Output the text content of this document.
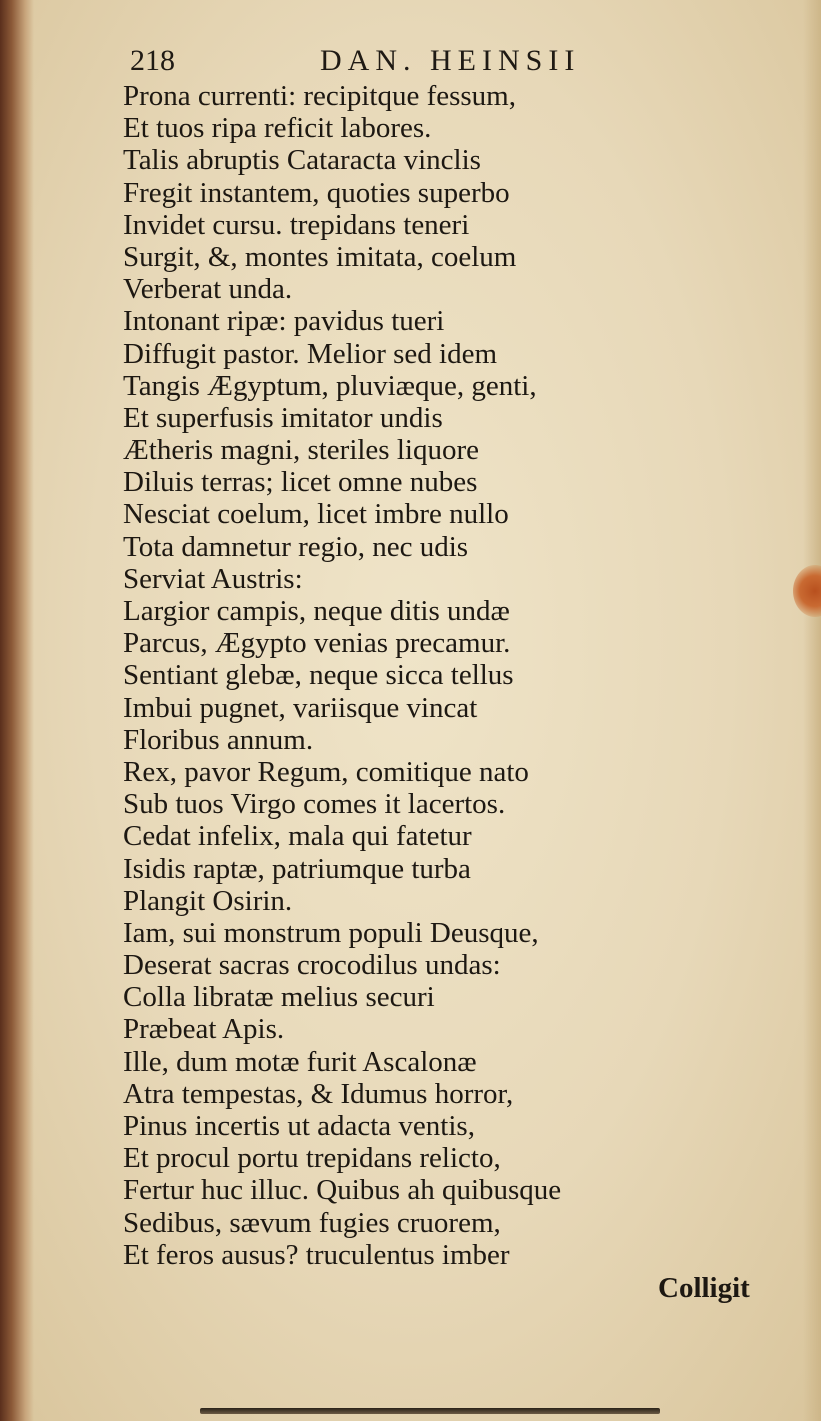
218	DAN. HEINSII
Prona currenti: recipitque fessum,
Et tuos ripa reficit labores.
Talis abruptis Cataracta vinclis
Fregit instantem, quoties superbo
Invidet cursu. trepidans teneri
Surgit, &, montes imitata, coelum
Verberat unda.
Intonant ripæ: pavidus tueri
Diffugit pastor. Melior sed idem
Tangis Ægyptum, pluviæque, genti,
Et superfusis imitator undis
Ætheris magni, steriles liquore
Diluis terras; licet omne nubes
Nesciat coelum, licet imbre nullo
Tota damnetur regio, nec udis
Serviat Austris:
Largior campis, neque ditis undæ
Parcus, Ægypto venias precamur.
Sentiant glebæ, neque sicca tellus
Imbui pugnet, variisque vincat
Floribus annum.
Rex, pavor Regum, comitique nato
Sub tuos Virgo comes it lacertos.
Cedat infelix, mala qui fatetur
Isidis raptæ, patriumque turba
Plangit Osirin.
Iam, sui monstrum populi Deusque,
Deserat sacras crocodilus undas:
Colla libratæ melius securi
Præbeat Apis.
Ille, dum motæ furit Ascalonæ
Atra tempestas, & Idumus horror,
Pinus incertis ut adacta ventis,
Et procul portu trepidans relicto,
Fertur huc illuc. Quibus ah quibusque
Sedibus, sævum fugies cruorem,
Et feros ausus? truculentus imber
Colligit
